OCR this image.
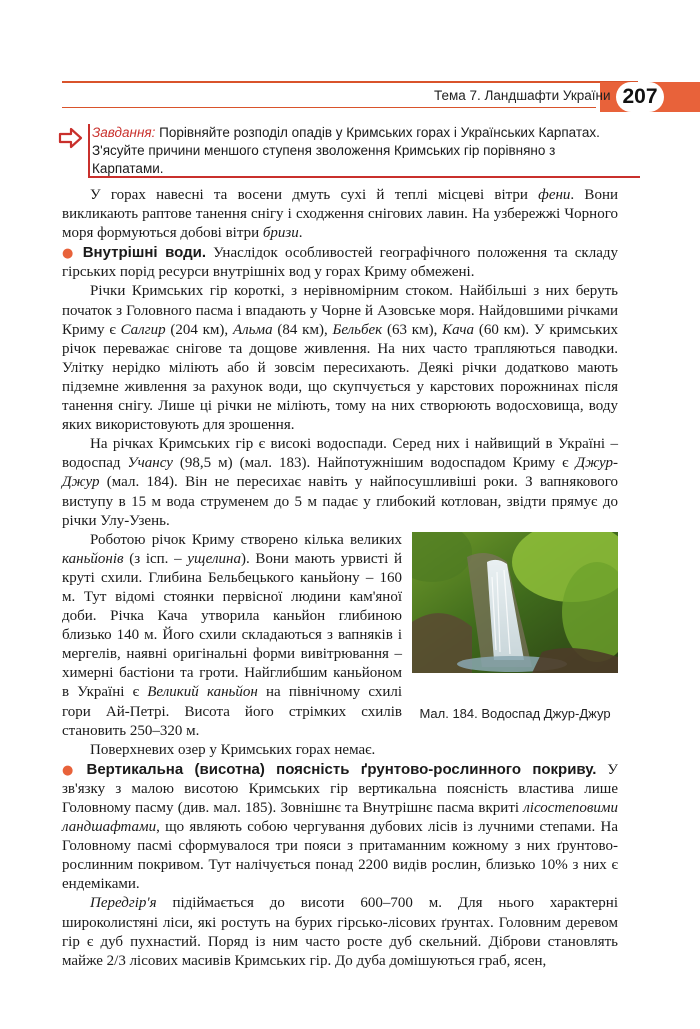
Тема 7. Ландшафти України 207
Завдання: Порівняйте розподіл опадів у Кримських горах і Українських Карпатах. З'ясуйте причини меншого ступеня зволоження Кримських гір порівняно з Карпатами.

У горах навесні та восени дмуть сухі й теплі місцеві вітри фени. Вони викликають раптове танення снігу і сходження снігових лавин. На узбережжі Чорного моря формуються добові вітри бризи.

● Внутрішні води. Унаслідок особливостей географічного положення та складу гірських порід ресурси внутрішніх вод у горах Криму обмежені.

Річки Кримських гір короткі, з нерівномірним стоком. Найбільші з них беруть початок з Головного пасма і впадають у Чорне й Азовське моря. Найдовшими річками Криму є Салгир (204 км), Альма (84 км), Бельбек (63 км), Кача (60 км). У кримських річок переважає снігове та дощове живлення. На них часто трапляються паводки. Улітку нерідко міліють або й зовсім пересихають. Деякі річки додатково мають підземне живлення за рахунок води, що скупчується у карстових порожнинах після танення снігу. Лише ці річки не міліють, тому на них створюють водосховища, воду яких використовують для зрошення.

На річках Кримських гір є високі водоспади. Серед них і найвищий в Україні – водоспад Учансу (98,5 м) (мал. 183). Найпотужнішим водоспадом Криму є Джур-Джур (мал. 184). Він не пересихає навіть у найпосушливіші роки. З вапнякового виступу в 15 м вода струменем до 5 м падає у глибокий котлован, звідти прямує до річки Улу-Узень.

Мал. 184. Водоспад Джур-Джур

Роботою річок Криму створено кілька великих каньйонів (з ісп. – ущелина). Вони мають урвисті й круті схили. Глибина Бельбецького каньйону – 160 м. Тут відомі стоянки первісної людини кам'яної доби. Річка Кача утворила каньйон глибиною близько 140 м. Його схили складаються з вапняків і мергелів, наявні оригінальні форми вивітрювання – химерні бастіони та гроти. Найглибшим каньйоном в Україні є Великий каньйон на північному схилі гори Ай-Петрі. Висота його стрімких схилів становить 250–320 м.

Поверхневих озер у Кримських горах немає.

● Вертикальна (висотна) поясність ґрунтово-рослинного покриву. У зв'язку з малою висотою Кримських гір вертикальна поясність властива лише Головному пасму (див. мал. 185). Зовнішнє та Внутрішнє пасма вкриті лісостеповими ландшафтами, що являють собою чергування дубових лісів із лучними степами. На Головному пасмі сформувалося три пояси з притаманним кожному з них ґрунтово-рослинним покривом. Тут налічується понад 2200 видів рослин, близько 10% з них є ендеміками.

Передгір'я підіймається до висоти 600–700 м. Для нього характерні широколистяні ліси, які ростуть на бурих гірсько-лісових ґрунтах. Головним деревом гір є дуб пухнастий. Поряд із ним часто росте дуб скельний. Діброви становлять майже 2/3 лісових масивів Кримських гір. До дуба домішуються граб, ясен,
